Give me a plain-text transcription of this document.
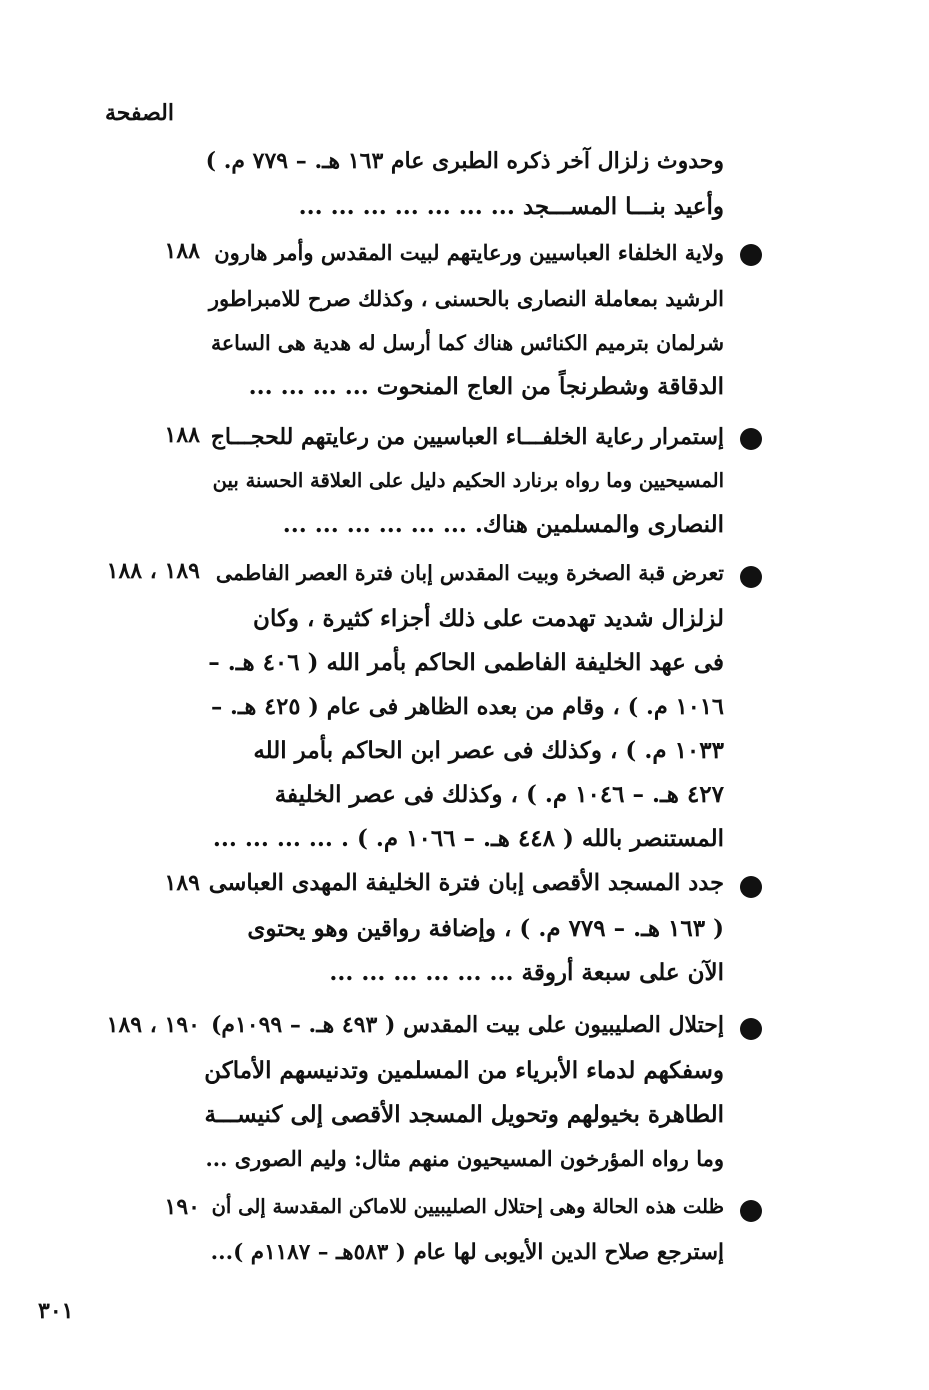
الصفحة
وحدوث زلزال آخر ذكره الطبرى عام ١٦٣ هـ. – ٧٧٩ م. )
وأعيد بنـــا المســـجد ... ... ... ... ... ... ...
١٨٨ ولاية الخلفاء العباسيين ورعايتهم لبيت المقدس وأمر هارون
الرشيد بمعاملة النصارى بالحسنى ، وكذلك صرح للامبراطور
شرلمان بترميم الكنائس هناك كما أرسل له هدية هى الساعة
الدقاقة وشطرنجاً من العاج المنحوت ... ... ... ...
١٨٨ إستمرار رعاية الخلفـــاء العباسيين من رعايتهم للحجـــاج
المسيحيين وما رواه برنارد الحكيم دليل على العلاقة الحسنة بين
النصارى والمسلمين هناك. ... ... ... ... ... ...
١٨٩ ، ١٨٨ تعرض قبة الصخرة وبيت المقدس إبان فترة العصر الفاطمى
لزلزال شديد تهدمت على ذلك أجزاء كثيرة ، وكان
فى عهد الخليفة الفاطمى الحاكم بأمر الله ( ٤٠٦ هـ. –
١٠١٦ م. ) ، وقام من بعده الظاهر فى عام ( ٤٢٥ هـ. –
١٠٣٣ م. ) ، وكذلك فى عصر ابن الحاكم بأمر الله
٤٢٧ هـ. – ١٠٤٦ م. ) ، وكذلك فى عصر الخليفة
المستنصر بالله ( ٤٤٨ هـ. – ١٠٦٦ م. ) . ... ... ... ...
١٨٩ جدد المسجد الأقصى إبان فترة الخليفة المهدى العباسى
( ١٦٣ هـ. – ٧٧٩ م. ) ، وإضافة رواقين وهو يحتوى
الآن على سبعة أروقة ... ... ... ... ... ...
١٩٠ ، ١٨٩ إحتلال الصليبيون على بيت المقدس ( ٤٩٣ هـ. – ١٠٩٩م)
وسفكهم لدماء الأبرياء من المسلمين وتدنيسهم الأماكن
الطاهرة بخيولهم وتحويل المسجد الأقصى إلى كنيســـة
وما رواه المؤرخون المسيحيون منهم مثال: وليم الصورى ...
١٩٠ ظلت هذه الحالة وهى إحتلال الصليبيين للاماكن المقدسة إلى أن
إسترجع صلاح الدين الأيوبى لها عام ( ٥٨٣هـ – ١١٨٧م )...
٣٠١
